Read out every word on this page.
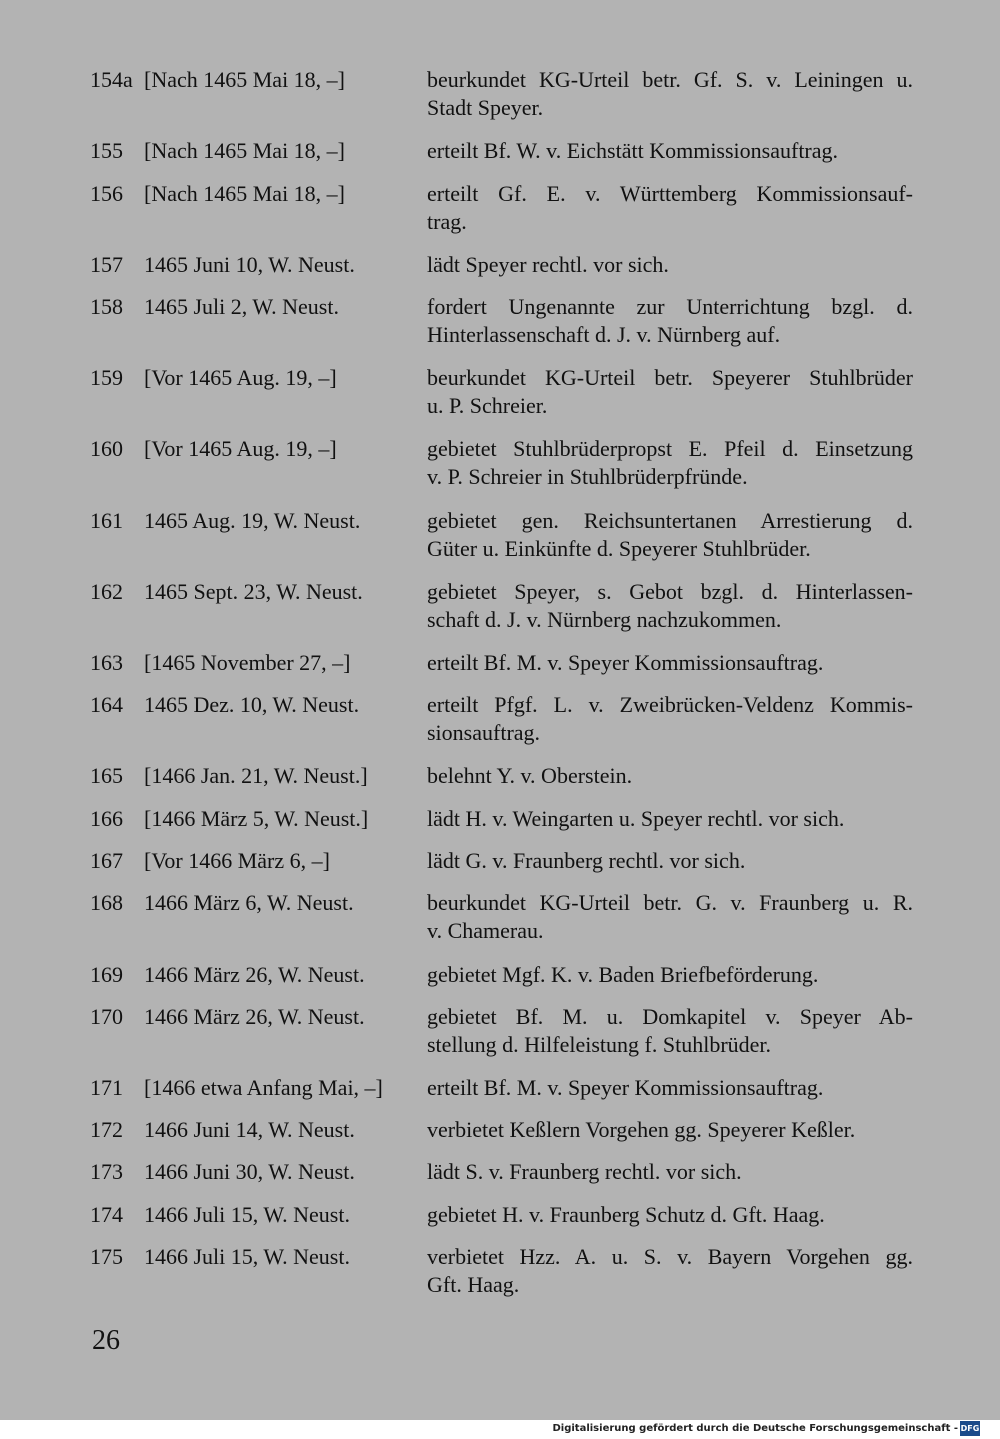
154a [Nach 1465 Mai 18, –]	beurkundet KG-Urteil betr. Gf. S. v. Leiningen u.
Stadt Speyer.
155 [Nach 1465 Mai 18, –]	erteilt Bf. W. v. Eichstätt Kommissionsauftrag.
156 [Nach 1465 Mai 18, –]	erteilt Gf. E. v. Württemberg Kommissionsauf-
trag.
157 1465 Juni 10, W. Neust.	lädt Speyer rechtl. vor sich.
158 1465 Juli 2, W. Neust.	fordert Ungenannte zur Unterrichtung bzgl. d.
Hinterlassenschaft d. J. v. Nürnberg auf.
159 [Vor 1465 Aug. 19, –]	beurkundet KG-Urteil betr. Speyerer Stuhlbrüder
u. P. Schreier.
160 [Vor 1465 Aug. 19, –]	gebietet Stuhlbrüderpropst E. Pfeil d. Einsetzung
v. P. Schreier in Stuhlbrüderpfründe.
161 1465 Aug. 19, W. Neust.	gebietet gen. Reichsuntertanen Arrestierung d.
Güter u. Einkünfte d. Speyerer Stuhlbrüder.
162 1465 Sept. 23, W. Neust.	gebietet Speyer, s. Gebot bzgl. d. Hinterlassen-
schaft d. J. v. Nürnberg nachzukommen.
163 [1465 November 27, –]	erteilt Bf. M. v. Speyer Kommissionsauftrag.
164 1465 Dez. 10, W. Neust.	erteilt Pfgf. L. v. Zweibrücken-Veldenz Kommis-
sionsauftrag.
165 [1466 Jan. 21, W. Neust.]	belehnt Y. v. Oberstein.
166 [1466 März 5, W. Neust.]	lädt H. v. Weingarten u. Speyer rechtl. vor sich.
167 [Vor 1466 März 6, –]	lädt G. v. Fraunberg rechtl. vor sich.
168 1466 März 6, W. Neust.	beurkundet KG-Urteil betr. G. v. Fraunberg u. R.
v. Chamerau.
169 1466 März 26, W. Neust.	gebietet Mgf. K. v. Baden Briefbeförderung.
170 1466 März 26, W. Neust.	gebietet Bf. M. u. Domkapitel v. Speyer Ab-
stellung d. Hilfeleistung f. Stuhlbrüder.
171 [1466 etwa Anfang Mai, –] erteilt Bf. M. v. Speyer Kommissionsauftrag.
172 1466 Juni 14, W. Neust.	verbietet Keßlern Vorgehen gg. Speyerer Keßler.
173 1466 Juni 30, W. Neust.	lädt S. v. Fraunberg rechtl. vor sich.
174 1466 Juli 15, W. Neust.	gebietet H. v. Fraunberg Schutz d. Gft. Haag.
175 1466 Juli 15, W. Neust.	verbietet Hzz. A. u. S. v. Bayern Vorgehen gg.
Gft. Haag.
26
Digitalisierung gefördert durch die Deutsche Forschungsgemeinschaft - DFG
